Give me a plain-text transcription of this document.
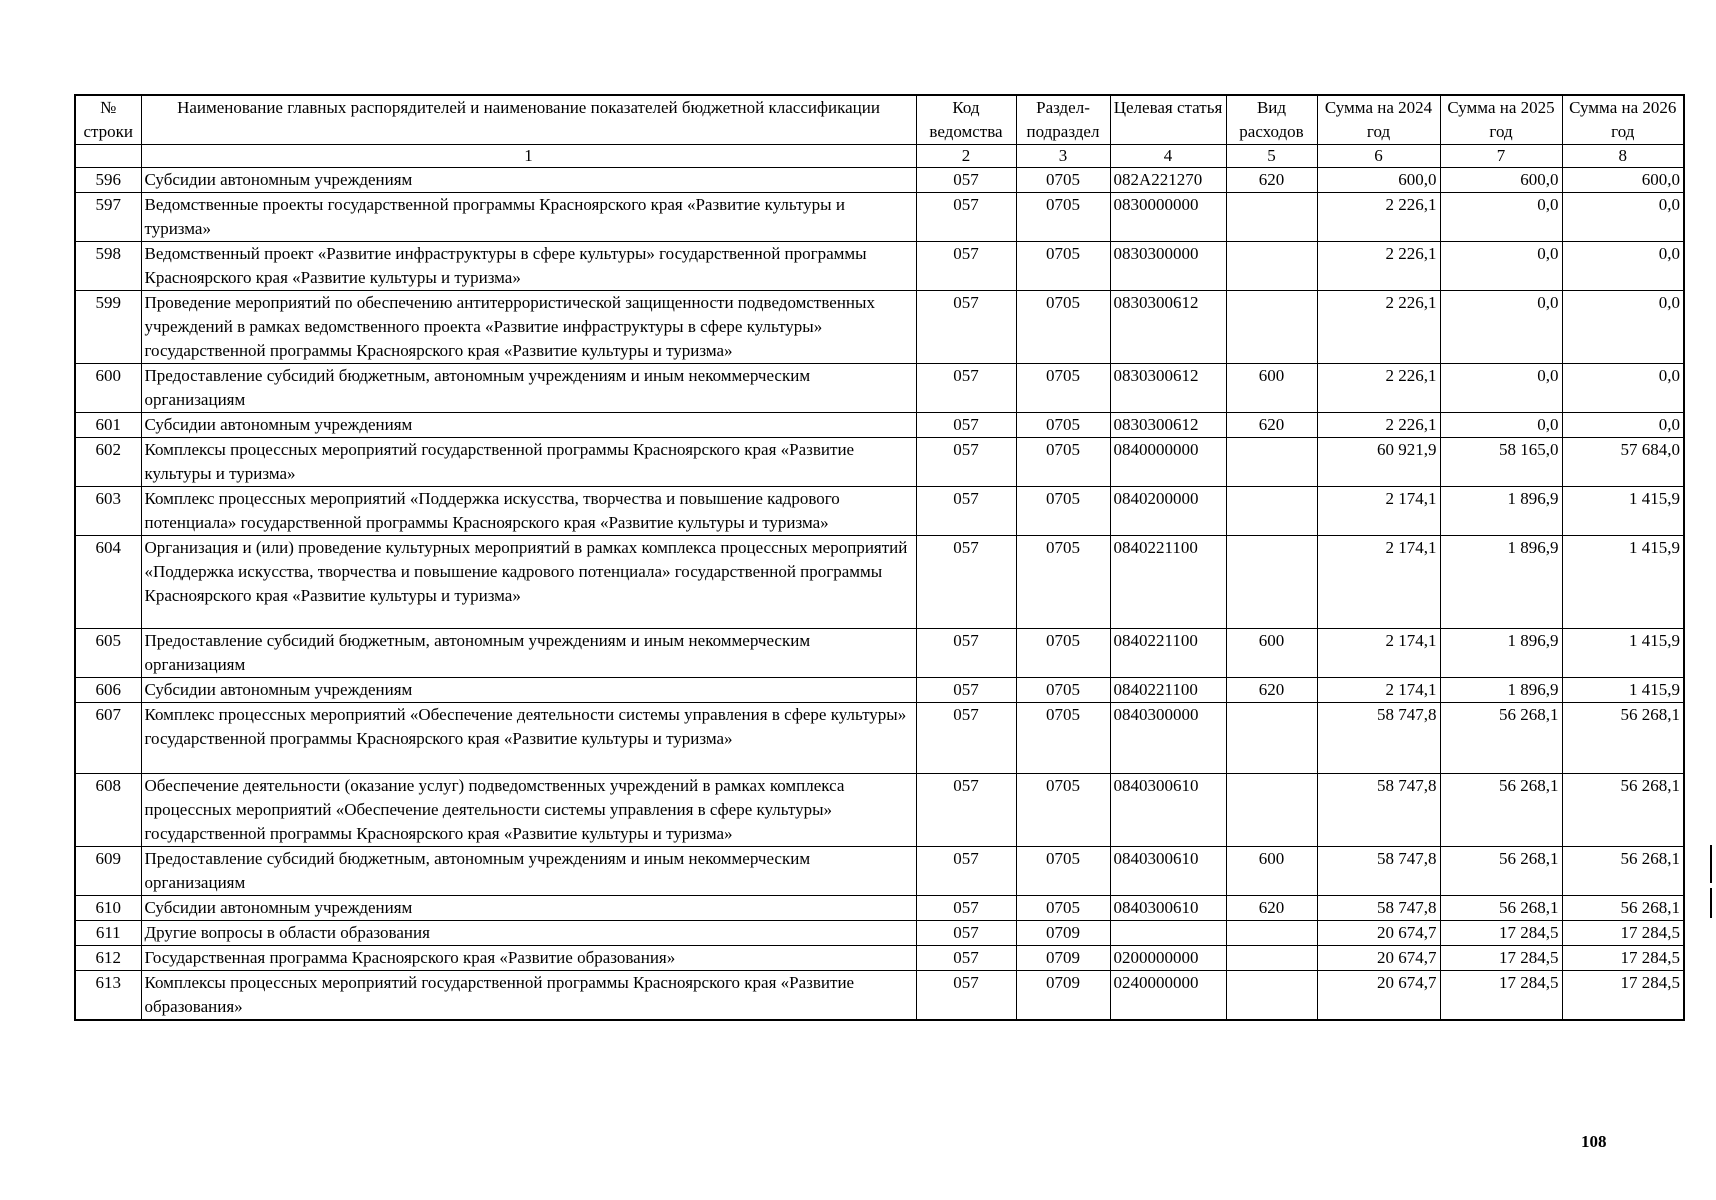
№ строки	Наименование главных распорядителей и наименование показателей бюджетной классификации	Код ведомства	Раздел-подраздел	Целевая статья	Вид расходов	Сумма на 2024 год	Сумма на 2025 год	Сумма на 2026 год
	1	2	3	4	5	6	7	8
596	Субсидии автономным учреждениям	057	0705	082A221270	620	600,0	600,0	600,0
597	Ведомственные проекты государственной программы Красноярского края «Развитие культуры и туризма»	057	0705	0830000000		2 226,1	0,0	0,0
598	Ведомственный проект «Развитие инфраструктуры в сфере культуры» государственной программы Красноярского края «Развитие культуры и туризма»	057	0705	0830300000		2 226,1	0,0	0,0
599	Проведение мероприятий по обеспечению антитеррористической защищенности подведомственных учреждений в рамках ведомственного проекта «Развитие инфраструктуры в сфере культуры» государственной программы Красноярского края «Развитие культуры и туризма»	057	0705	0830300612		2 226,1	0,0	0,0
600	Предоставление субсидий бюджетным, автономным учреждениям и иным некоммерческим организациям	057	0705	0830300612	600	2 226,1	0,0	0,0
601	Субсидии автономным учреждениям	057	0705	0830300612	620	2 226,1	0,0	0,0
602	Комплексы процессных мероприятий государственной программы Красноярского края «Развитие культуры и туризма»	057	0705	0840000000		60 921,9	58 165,0	57 684,0
603	Комплекс процессных мероприятий «Поддержка искусства, творчества и повышение кадрового потенциала» государственной программы Красноярского края «Развитие культуры и туризма»	057	0705	0840200000		2 174,1	1 896,9	1 415,9
604	Организация и (или) проведение культурных мероприятий в рамках комплекса процессных мероприятий «Поддержка искусства, творчества и повышение кадрового потенциала» государственной программы Красноярского края «Развитие культуры и туризма»	057	0705	0840221100		2 174,1	1 896,9	1 415,9
605	Предоставление субсидий бюджетным, автономным учреждениям и иным некоммерческим организациям	057	0705	0840221100	600	2 174,1	1 896,9	1 415,9
606	Субсидии автономным учреждениям	057	0705	0840221100	620	2 174,1	1 896,9	1 415,9
607	Комплекс процессных мероприятий «Обеспечение деятельности системы управления в сфере культуры» государственной программы Красноярского края «Развитие культуры и туризма»	057	0705	0840300000		58 747,8	56 268,1	56 268,1
608	Обеспечение деятельности (оказание услуг) подведомственных учреждений в рамках комплекса процессных мероприятий «Обеспечение деятельности системы управления в сфере культуры» государственной программы Красноярского края «Развитие культуры и туризма»	057	0705	0840300610		58 747,8	56 268,1	56 268,1
609	Предоставление субсидий бюджетным, автономным учреждениям и иным некоммерческим организациям	057	0705	0840300610	600	58 747,8	56 268,1	56 268,1
610	Субсидии автономным учреждениям	057	0705	0840300610	620	58 747,8	56 268,1	56 268,1
611	Другие вопросы в области образования	057	0709			20 674,7	17 284,5	17 284,5
612	Государственная программа Красноярского края «Развитие образования»	057	0709	0200000000		20 674,7	17 284,5	17 284,5
613	Комплексы процессных мероприятий государственной программы Красноярского края «Развитие образования»	057	0709	0240000000		20 674,7	17 284,5	17 284,5
108
